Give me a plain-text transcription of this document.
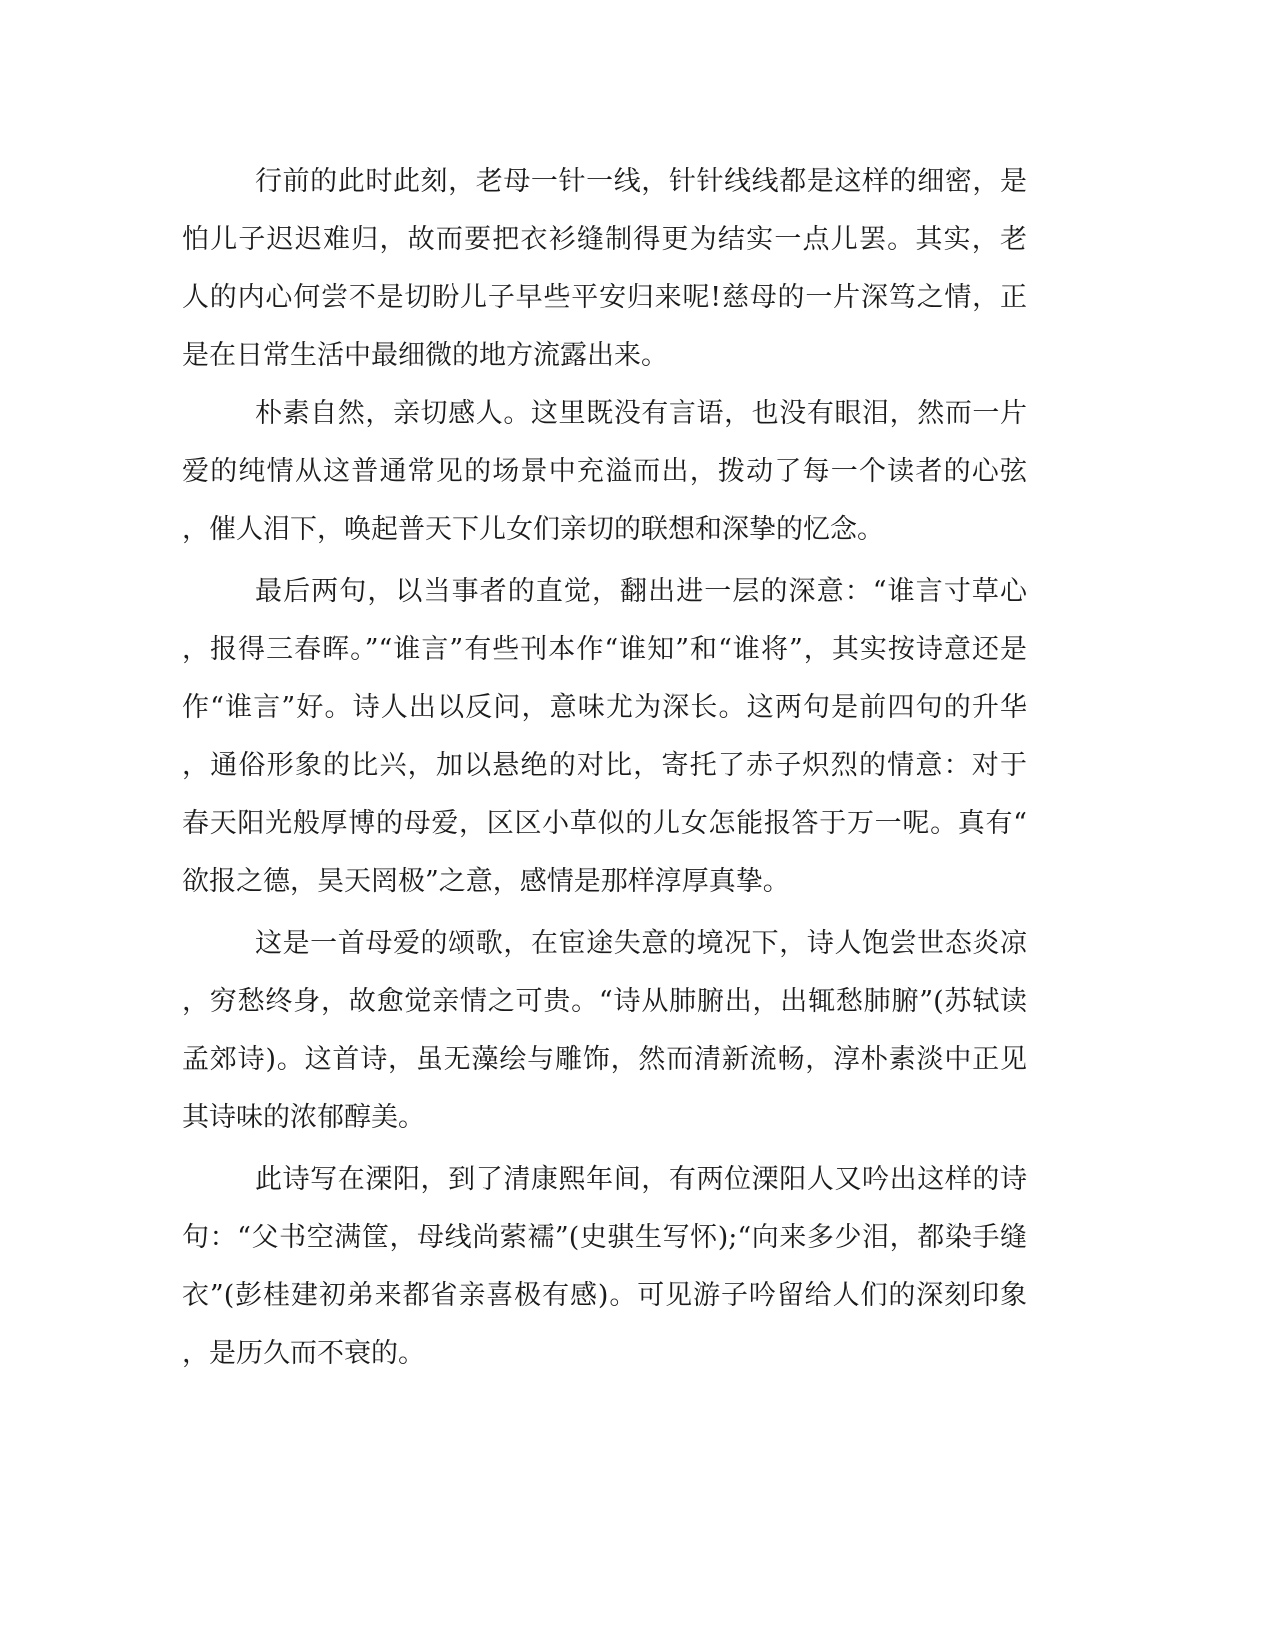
行前的此时此刻，老母一针一线，针针线线都是这样的细密，是

怕儿子迟迟难归，故而要把衣衫缝制得更为结实一点儿罢。其实，老

人的内心何尝不是切盼儿子早些平安归来呢!慈母的一片深笃之情，正

是在日常生活中最细微的地方流露出来。

朴素自然，亲切感人。这里既没有言语，也没有眼泪，然而一片

爱的纯情从这普通常见的场景中充溢而出，拨动了每一个读者的心弦

，催人泪下，唤起普天下儿女们亲切的联想和深挚的忆念。

最后两句，以当事者的直觉，翻出进一层的深意：“谁言寸草心

，报得三春晖。”“谁言”有些刊本作“谁知”和“谁将”，其实按诗意还是

作“谁言”好。诗人出以反问，意味尤为深长。这两句是前四句的升华

，通俗形象的比兴，加以悬绝的对比，寄托了赤子炽烈的情意：对于

春天阳光般厚博的母爱，区区小草似的儿女怎能报答于万一呢。真有“

欲报之德，昊天罔极”之意，感情是那样淳厚真挚。

这是一首母爱的颂歌，在宦途失意的境况下，诗人饱尝世态炎凉

，穷愁终身，故愈觉亲情之可贵。“诗从肺腑出，出辄愁肺腑”(苏轼读

孟郊诗)。这首诗，虽无藻绘与雕饰，然而清新流畅，淳朴素淡中正见

其诗味的浓郁醇美。

此诗写在溧阳，到了清康熙年间，有两位溧阳人又吟出这样的诗

句：“父书空满筐，母线尚萦襦”(史骐生写怀);“向来多少泪，都染手缝

衣”(彭桂建初弟来都省亲喜极有感)。可见游子吟留给人们的深刻印象

，是历久而不衰的。
